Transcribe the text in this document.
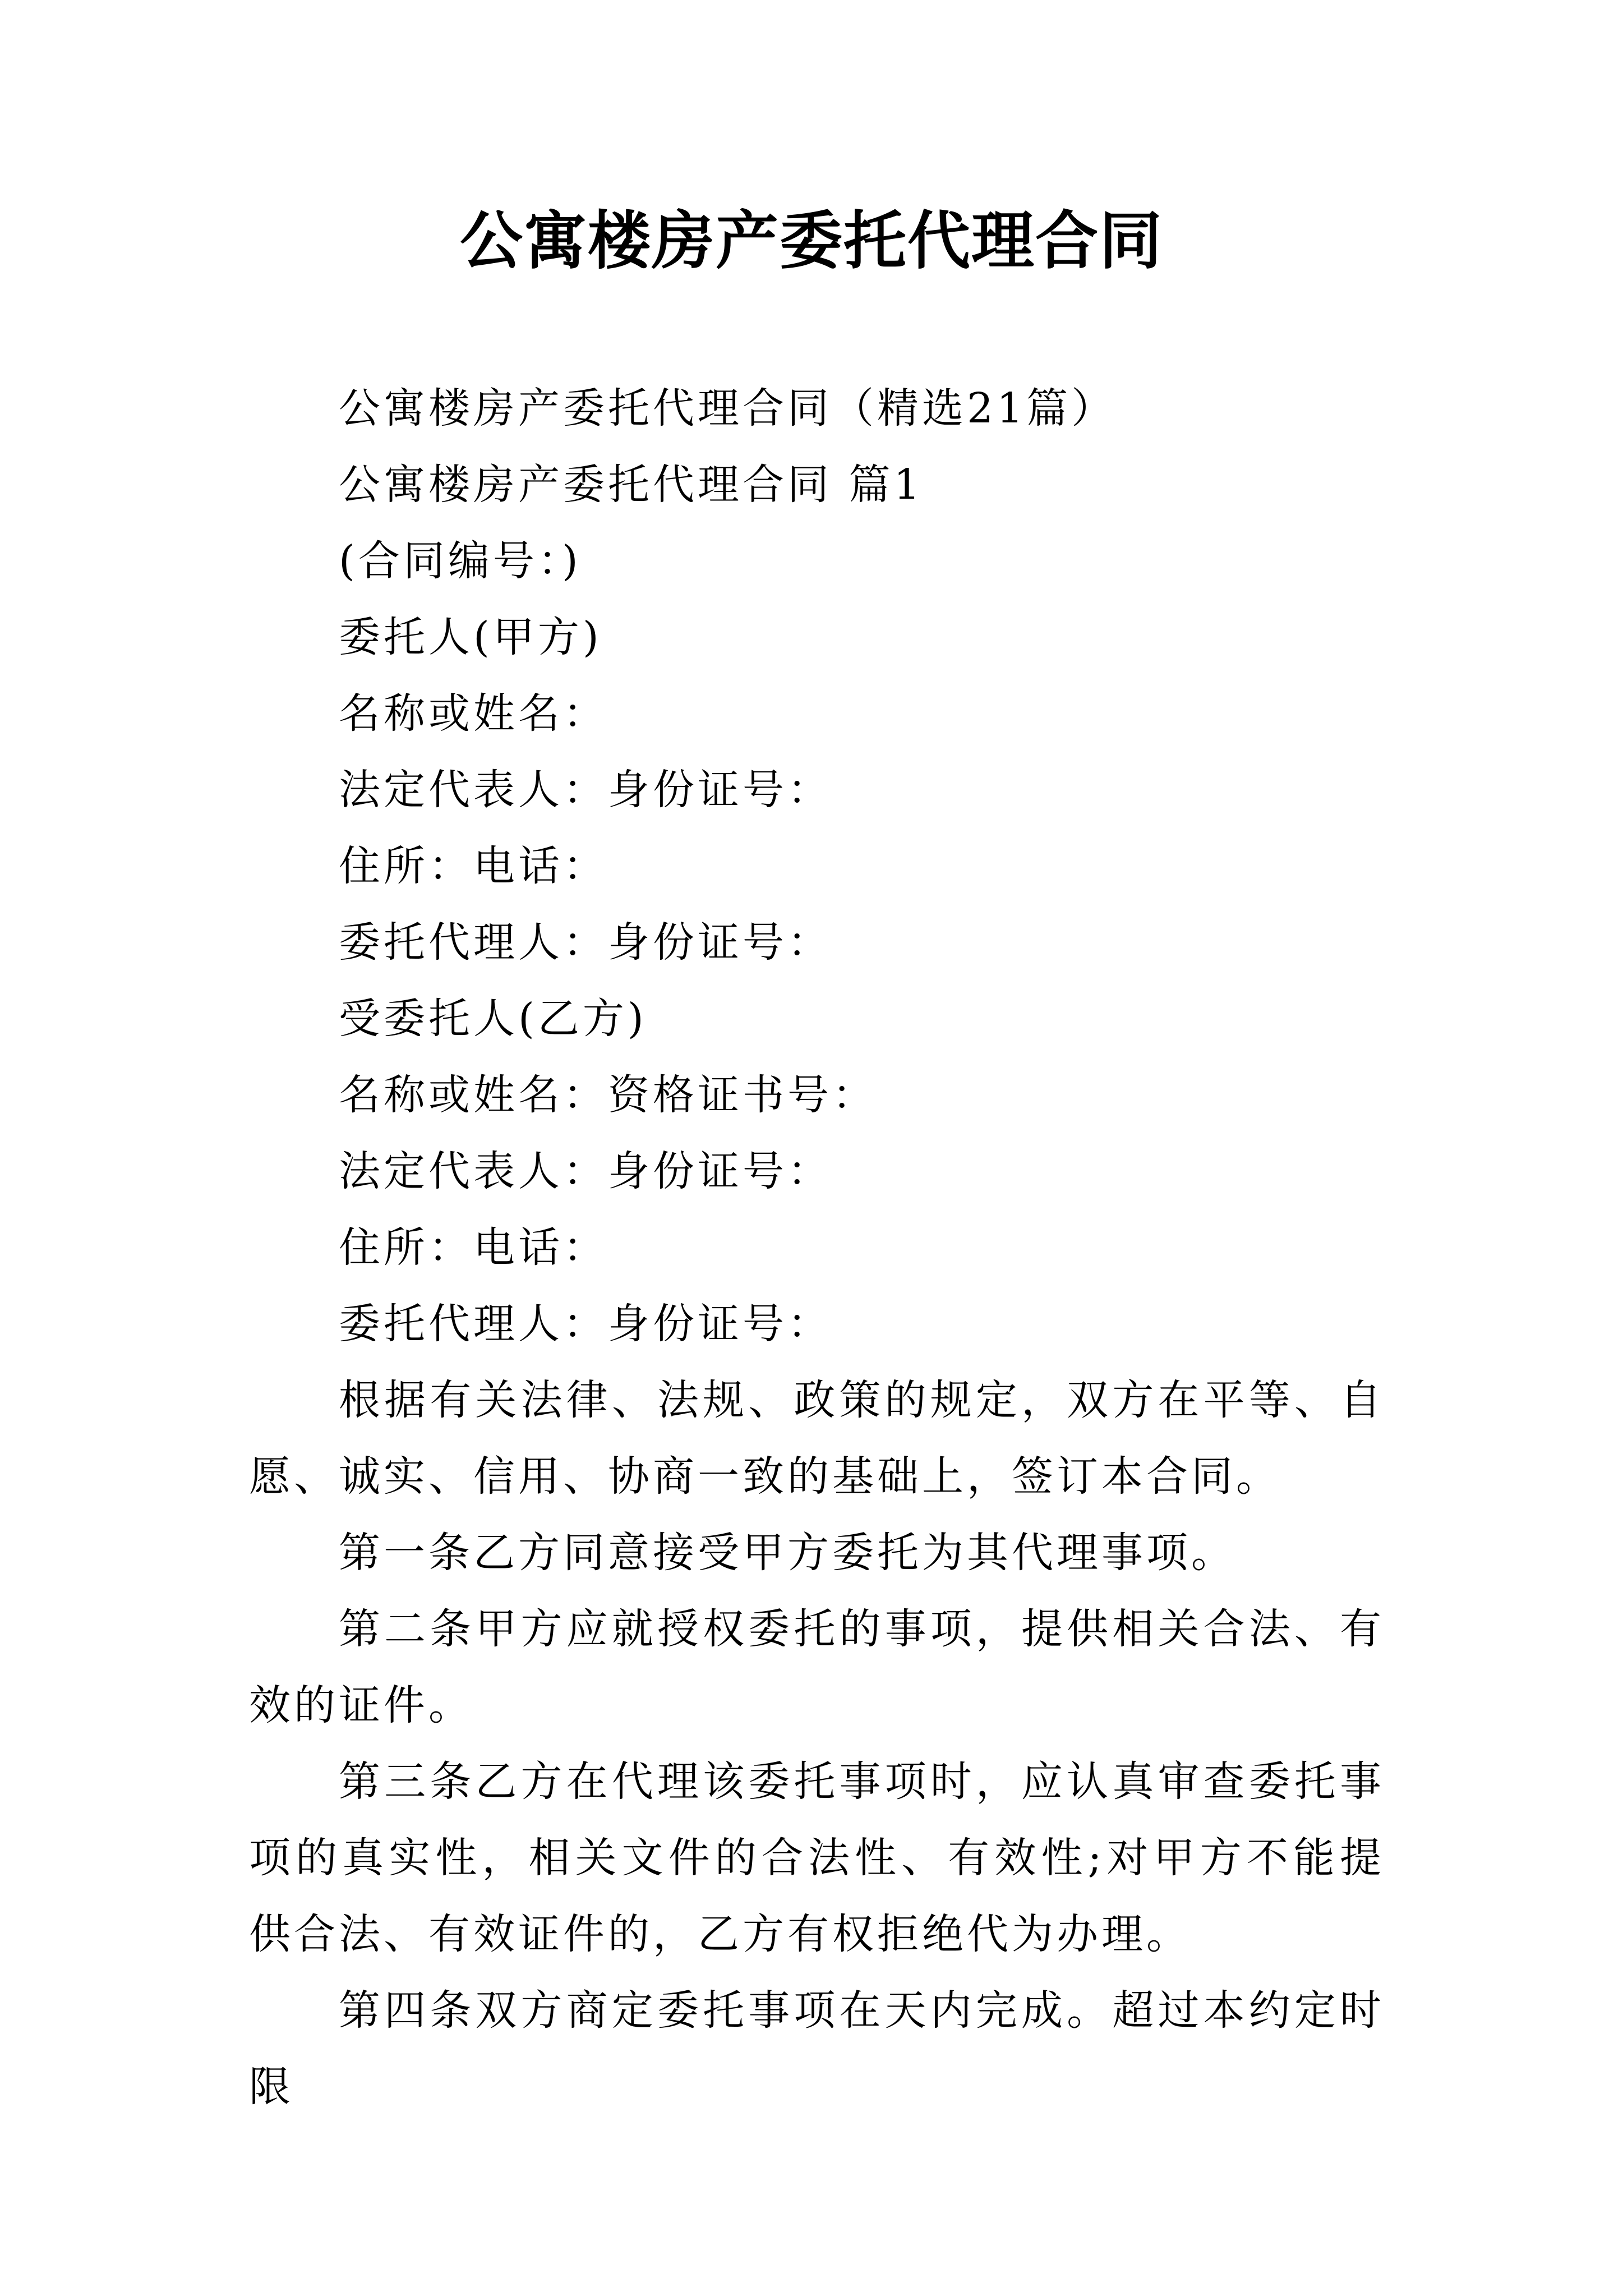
公寓楼房产委托代理合同

公寓楼房产委托代理合同（精选21篇）

公寓楼房产委托代理合同 篇1

(合同编号：)

委托人(甲方)

名称或姓名：

法定代表人：身份证号：

住所：电话：

委托代理人：身份证号：

受委托人(乙方)

名称或姓名：资格证书号：

法定代表人：身份证号：

住所：电话：

委托代理人：身份证号：

根据有关法律、法规、政策的规定，双方在平等、自愿、诚实、信用、协商一致的基础上，签订本合同。

第一条乙方同意接受甲方委托为其代理事项。

第二条甲方应就授权委托的事项，提供相关合法、有效的证件。

第三条乙方在代理该委托事项时，应认真审查委托事项的真实性，相关文件的合法性、有效性;对甲方不能提供合法、有效证件的，乙方有权拒绝代为办理。

第四条双方商定委托事项在天内完成。超过本约定时限
